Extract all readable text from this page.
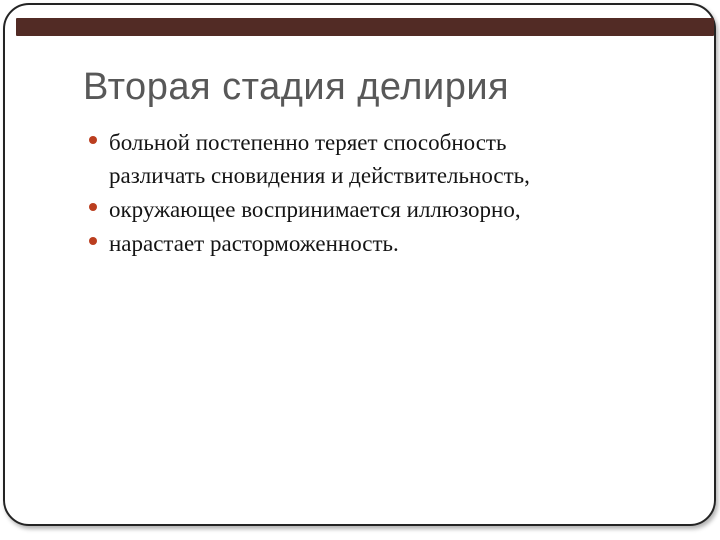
Вторая стадия делирия
больной постепенно теряет способность различать сновидения и действительность,
окружающее воспринимается иллюзорно,
нарастает расторможенность.
